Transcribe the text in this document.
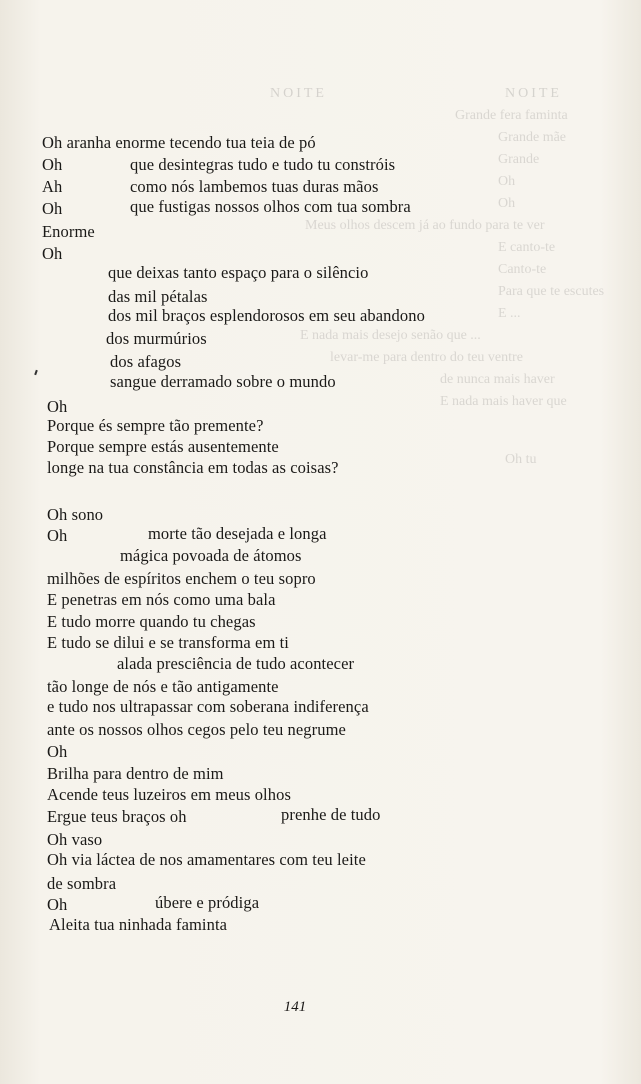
NOITE	NOITE
Grande fera faminta
Grande mãe
Grande
Oh
Oh
Meus olhos descem já ao fundo para te ver
E canto-te
Canto-te
Para que te escutes
E ...
E nada mais desejo senão que ...
levar-me para dentro do teu ventre
de nunca mais haver
E nada mais haver que
Oh tu
Oh aranha enorme tecendo tua teia de pó
Oh	que desintegras tudo e tudo tu constróis
Ah	como nós lambemos tuas duras mãos
Oh	que fustigas nossos olhos com tua sombra
Enorme
Oh
que deixas tanto espaço para o silêncio
das mil pétalas
dos mil braços esplendorosos em seu abandono
dos murmúrios
dos afagos
sangue derramado sobre o mundo
Oh
Porque és sempre tão premente?
Porque sempre estás ausentemente
longe na tua constância em todas as coisas?
Oh sono
Oh	morte tão desejada e longa
mágica povoada de átomos
milhões de espíritos enchem o teu sopro
E penetras em nós como uma bala
E tudo morre quando tu chegas
E tudo se dilui e se transforma em ti
alada presciência de tudo acontecer
tão longe de nós e tão antigamente
e tudo nos ultrapassar com soberana indiferença
ante os nossos olhos cegos pelo teu negrume
Oh
Brilha para dentro de mim
Acende teus luzeiros em meus olhos
Ergue teus braços oh	prenhe de tudo
Oh vaso
Oh via láctea de nos amamentares com teu leite
de sombra
Oh	úbere e pródiga
Aleita tua ninhada faminta
141
